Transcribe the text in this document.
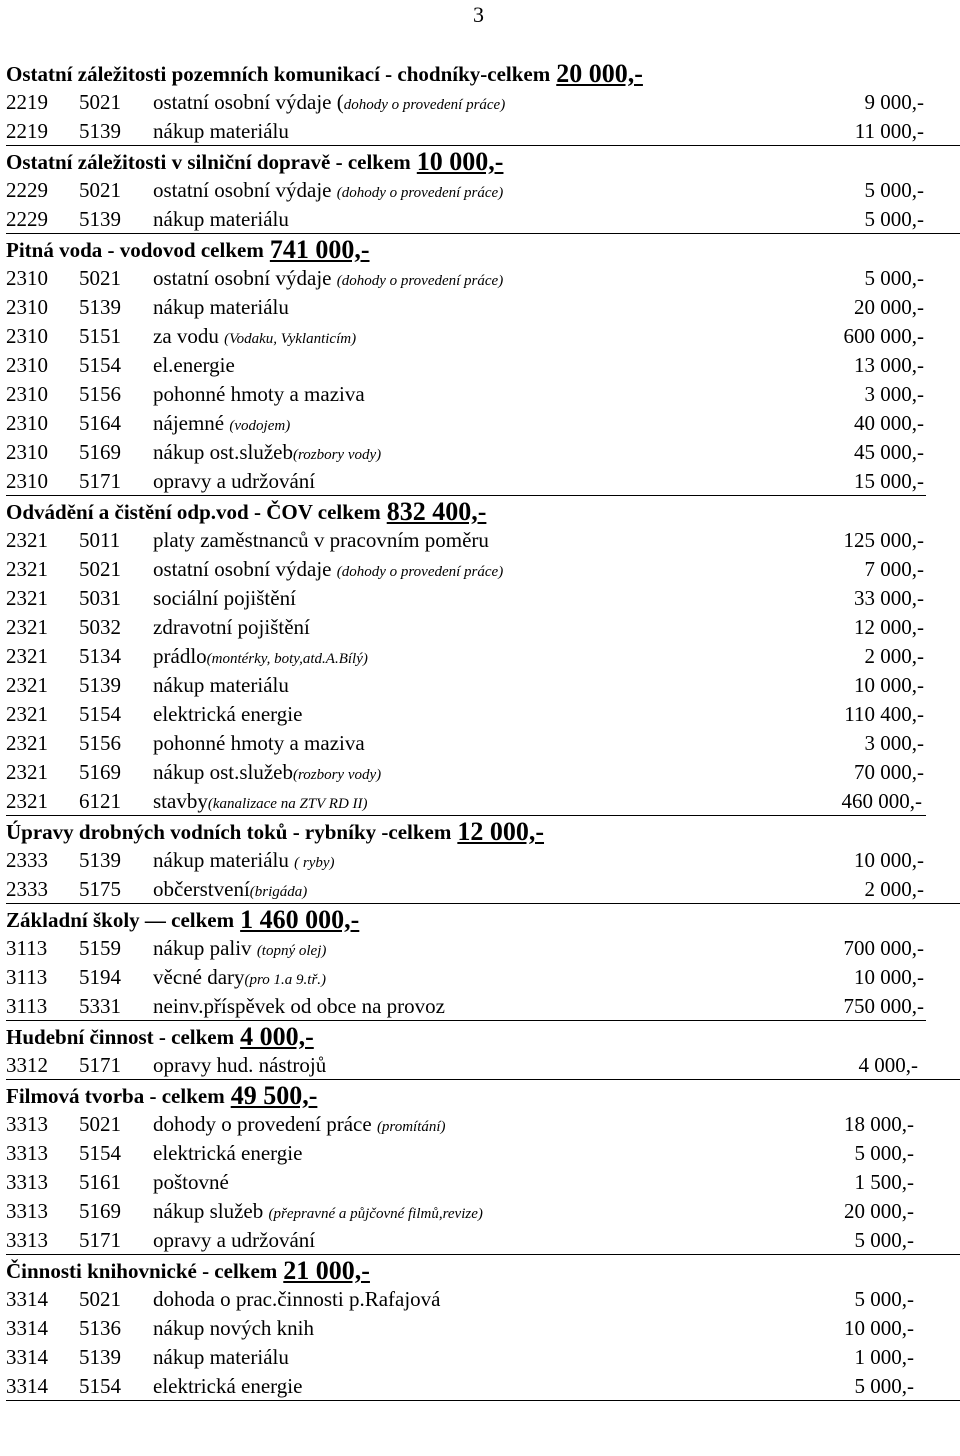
3
Ostatní záležitosti pozemních komunikací - chodníky-celkem 20 000,-
2219 5021 ostatní osobní výdaje (dohody o provedení práce)	9 000,-
2219 5139 nákup materiálu	11 000,-
Ostatní záležitosti v silniční dopravě - celkem 10 000,-
2229 5021 ostatní osobní výdaje (dohody o provedení práce)	5 000,-
2229 5139 nákup materiálu	5 000,-
Pitná voda - vodovod celkem 741 000,-
2310 5021 ostatní osobní výdaje (dohody o provedení práce)	5 000,-
2310 5139 nákup materiálu	20 000,-
2310 5151 za vodu (Vodaku, Vyklanticím)	600 000,-
2310 5154 el.energie	13 000,-
2310 5156 pohonné hmoty a maziva	3 000,-
2310 5164 nájemné (vodojem)	40 000,-
2310 5169 nákup ost.služeb(rozbory vody)	45 000,-
2310 5171 opravy a udržování	15 000,-
Odvádění a čistění odp.vod - ČOV celkem 832 400,-
2321 5011 platy zaměstnanců v pracovním poměru	125 000,-
2321 5021 ostatní osobní výdaje (dohody o provedení práce)	7 000,-
2321 5031 sociální pojištění	33 000,-
2321 5032 zdravotní pojištění	12 000,-
2321 5134 prádlo(montérky, boty,atd.A.Bílý)	2 000,-
2321 5139 nákup materiálu	10 000,-
2321 5154 elektrická energie	110 400,-
2321 5156 pohonné hmoty a maziva	3 000,-
2321 5169 nákup ost.služeb(rozbory vody)	70 000,-
2321 6121 stavby(kanalizace na ZTV RD II)	460 000,-
Úpravy drobných vodních toků - rybníky -celkem 12 000,-
2333 5139 nákup materiálu ( ryby)	10 000,-
2333 5175 občerstvení(brigáda)	2 000,-
Základní školy — celkem 1 460 000,-
3113 5159 nákup paliv (topný olej)	700 000,-
3113 5194 věcné dary(pro 1.a 9.tř.)	10 000,-
3113 5331 neinv.příspěvek od obce na provoz	750 000,-
Hudební činnost - celkem 4 000,-
3312 5171 opravy hud. nástrojů	4 000,-
Filmová tvorba - celkem 49 500,-
3313 5021 dohody o provedení práce (promítání)	18 000,-
3313 5154 elektrická energie	5 000,-
3313 5161 poštovné	1 500,-
3313 5169 nákup služeb (přepravné a půjčovné filmů,revize)	20 000,-
3313 5171 opravy a udržování	5 000,-
Činnosti knihovnické - celkem 21 000,-
3314 5021 dohoda o prac.činnosti p.Rafajová	5 000,-
3314 5136 nákup nových knih	10 000,-
3314 5139 nákup materiálu	1 000,-
3314 5154 elektrická energie	5 000,-
